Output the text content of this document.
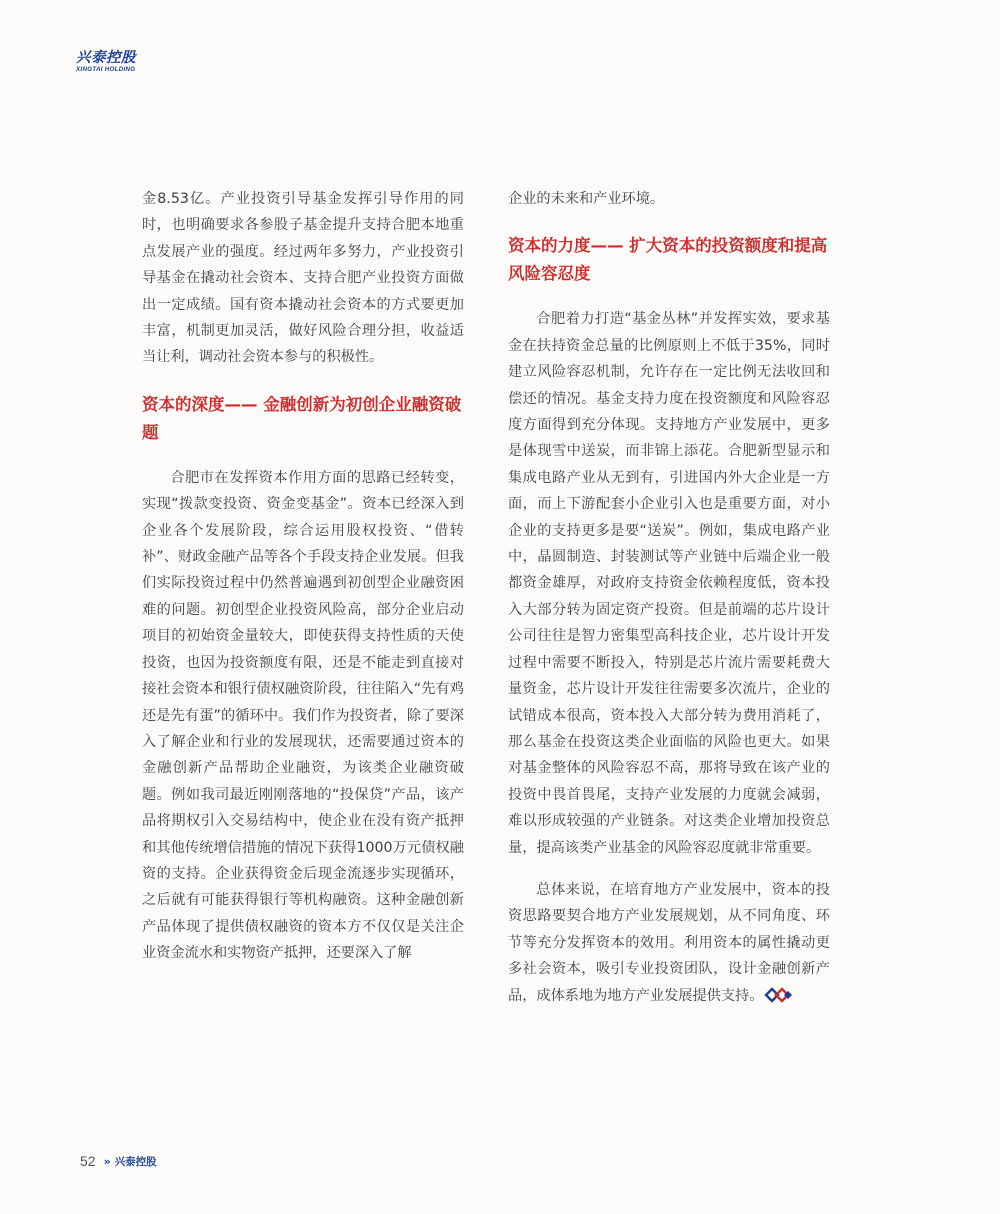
兴泰控股
XINGTAI HOLDING

金8.53亿。产业投资引导基金发挥引导作用的同时，也明确要求各参股子基金提升支持合肥本地重点发展产业的强度。经过两年多努力，产业投资引导基金在撬动社会资本、支持合肥产业投资方面做出一定成绩。国有资本撬动社会资本的方式要更加丰富，机制更加灵活，做好风险合理分担，收益适当让利，调动社会资本参与的积极性。

资本的深度—— 金融创新为初创企业融资破题

合肥市在发挥资本作用方面的思路已经转变，实现“拨款变投资、资金变基金”。资本已经深入到企业各个发展阶段，综合运用股权投资、“借转补”、财政金融产品等各个手段支持企业发展。但我们实际投资过程中仍然普遍遇到初创型企业融资困难的问题。初创型企业投资风险高，部分企业启动项目的初始资金量较大，即使获得支持性质的天使投资，也因为投资额度有限，还是不能走到直接对接社会资本和银行债权融资阶段，往往陷入“先有鸡还是先有蛋”的循环中。我们作为投资者，除了要深入了解企业和行业的发展现状，还需要通过资本的金融创新产品帮助企业融资，为该类企业融资破题。例如我司最近刚刚落地的“投保贷”产品，该产品将期权引入交易结构中，使企业在没有资产抵押和其他传统增信措施的情况下获得1000万元债权融资的支持。企业获得资金后现金流逐步实现循环，之后就有可能获得银行等机构融资。这种金融创新产品体现了提供债权融资的资本方不仅仅是关注企业资金流水和实物资产抵押，还要深入了解

企业的未来和产业环境。

资本的力度—— 扩大资本的投资额度和提高风险容忍度

合肥着力打造“基金丛林”并发挥实效，要求基金在扶持资金总量的比例原则上不低于35%，同时建立风险容忍机制，允许存在一定比例无法收回和偿还的情况。基金支持力度在投资额度和风险容忍度方面得到充分体现。支持地方产业发展中，更多是体现雪中送炭，而非锦上添花。合肥新型显示和集成电路产业从无到有，引进国内外大企业是一方面，而上下游配套小企业引入也是重要方面，对小企业的支持更多是要“送炭”。例如，集成电路产业中，晶圆制造、封装测试等产业链中后端企业一般都资金雄厚，对政府支持资金依赖程度低，资本投入大部分转为固定资产投资。但是前端的芯片设计公司往往是智力密集型高科技企业，芯片设计开发过程中需要不断投入，特别是芯片流片需要耗费大量资金，芯片设计开发往往需要多次流片，企业的试错成本很高，资本投入大部分转为费用消耗了，那么基金在投资这类企业面临的风险也更大。如果对基金整体的风险容忍不高，那将导致在该产业的投资中畏首畏尾，支持产业发展的力度就会减弱，难以形成较强的产业链条。对这类企业增加投资总量，提高该类产业基金的风险容忍度就非常重要。

总体来说，在培育地方产业发展中，资本的投资思路要契合地方产业发展规划，从不同角度、环节等充分发挥资本的效用。利用资本的属性撬动更多社会资本，吸引专业投资团队，设计金融创新产品，成体系地为地方产业发展提供支持。

52 » 兴泰控股
